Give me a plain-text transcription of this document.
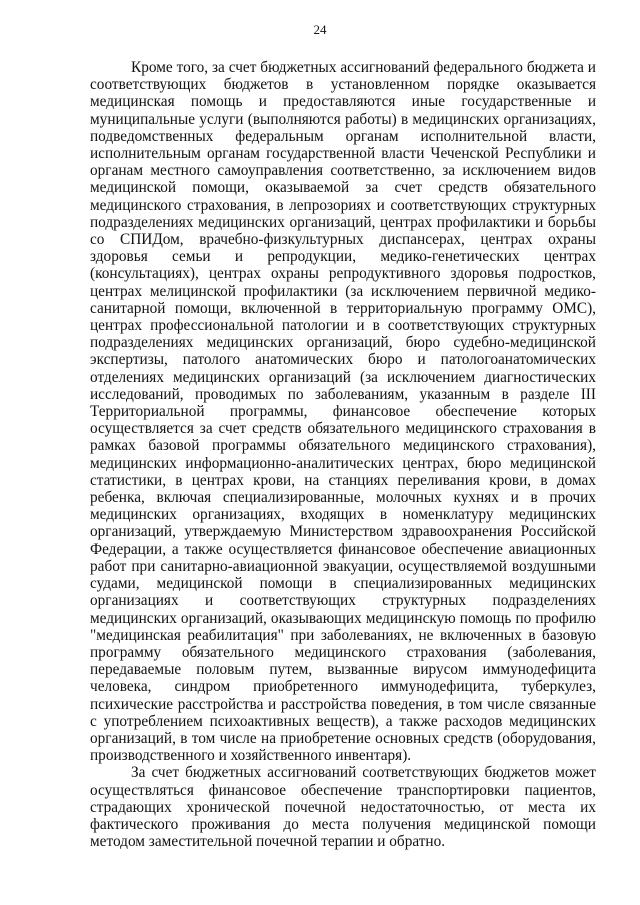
24

Кроме того, за счет бюджетных ассигнований федерального бюджета и соответствующих бюджетов в установленном порядке оказывается медицинская помощь и предоставляются иные государственные и муниципальные услуги (выполняются работы) в медицинских организациях, подведомственных федеральным органам исполнительной власти, исполнительным органам государственной власти Чеченской Республики и органам местного самоуправления соответственно, за исключением видов медицинской помощи, оказываемой за счет средств обязательного медицинского страхования, в лепрозориях и соответствующих структурных подразделениях медицинских организаций, центрах профилактики и борьбы со СПИДом, врачебно-физкультурных диспансерах, центрах охраны здоровья семьи и репродукции, медико-генетических центрах (консультациях), центрах охраны репродуктивного здоровья подростков, центрах мелицинской профилактики (за исключением первичной медико-санитарной помощи, включенной в территориальную программу ОМС), центрах профессиональной патологии и в соответствующих структурных подразделениях медицинских организаций, бюро судебно-медицинской экспертизы, патолого анатомических бюро и патологоанатомических отделениях медицинских организаций (за исключением диагностических исследований, проводимых по заболеваниям, указанным в разделе III Территориальной программы, финансовое обеспечение которых осуществляется за счет средств обязательного медицинского страхования в рамках базовой программы обязательного медицинского страхования), медицинских информационно-аналитических центрах, бюро медицинской статистики, в центрах крови, на станциях переливания крови, в домах ребенка, включая специализированные, молочных кухнях и в прочих медицинских организациях, входящих в номенклатуру медицинских организаций, утверждаемую Министерством здравоохранения Российской Федерации, а также осуществляется финансовое обеспечение авиационных работ при санитарно-авиационной эвакуации, осуществляемой воздушными судами, медицинской помощи в специализированных медицинских организациях и соответствующих структурных подразделениях медицинских организаций, оказывающих медицинскую помощь по профилю "медицинская реабилитация" при заболеваниях, не включенных в базовую программу обязательного медицинского страхования (заболевания, передаваемые половым путем, вызванные вирусом иммунодефицита человека, синдром приобретенного иммунодефицита, туберкулез, психические расстройства и расстройства поведения, в том числе связанные с употреблением психоактивных веществ), а также расходов медицинских организаций, в том числе на приобретение основных средств (оборудования, производственного и хозяйственного инвентаря).

За счет бюджетных ассигнований соответствующих бюджетов может осуществляться финансовое обеспечение транспортировки пациентов, страдающих хронической почечной недостаточностью, от места их фактического проживания до места получения медицинской помощи методом заместительной почечной терапии и обратно.
